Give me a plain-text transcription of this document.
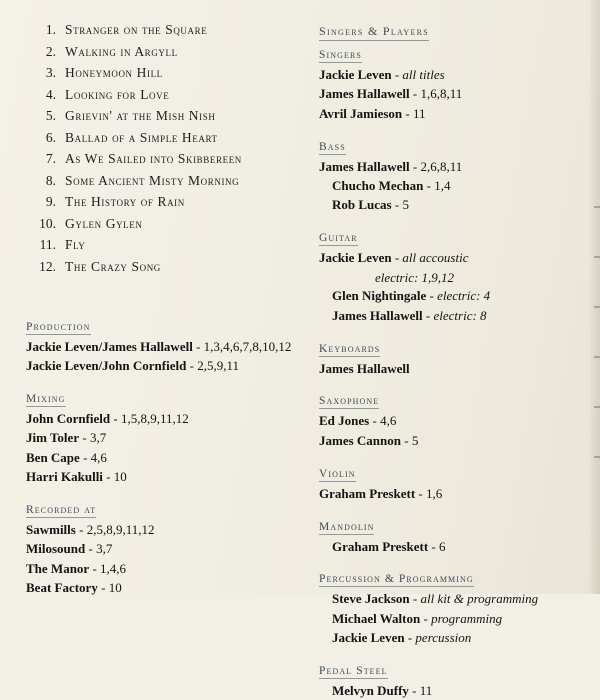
1. Stranger on the Square
2. Walking in Argyll
3. Honeymoon Hill
4. Looking for Love
5. Grievin' at the Mish Nish
6. Ballad of a Simple Heart
7. As We Sailed into Skibbereen
8. Some Ancient Misty Morning
9. The History of Rain
10. Gylen Gylen
11. Fly
12. The Crazy Song
Production
Jackie Leven/James Hallawell - 1,3,4,6,7,8,10,12
Jackie Leven/John Cornfield - 2,5,9,11
Mixing
John Cornfield - 1,5,8,9,11,12
Jim Toler - 3,7
Ben Cape - 4,6
Harri Kakulli - 10
Recorded at
Sawmills - 2,5,8,9,11,12
Milosound - 3,7
The Manor - 1,4,6
Beat Factory - 10
Singers & Players
Singers
Jackie Leven - all titles
James Hallawell - 1,6,8,11
Avril Jamieson - 11
Bass
James Hallawell - 2,6,8,11
Chucho Mechan - 1,4
Rob Lucas - 5
Guitar
Jackie Leven - all accoustic
electric: 1,9,12
Glen Nightingale - electric: 4
James Hallawell - electric: 8
Keyboards
James Hallawell
Saxophone
Ed Jones - 4,6
James Cannon - 5
Violin
Graham Preskett - 1,6
Mandolin
Graham Preskett - 6
Percussion & Programming
Steve Jackson - all kit & programming
Michael Walton - programming
Jackie Leven - percussion
Pedal Steel
Melvyn Duffy - 11
